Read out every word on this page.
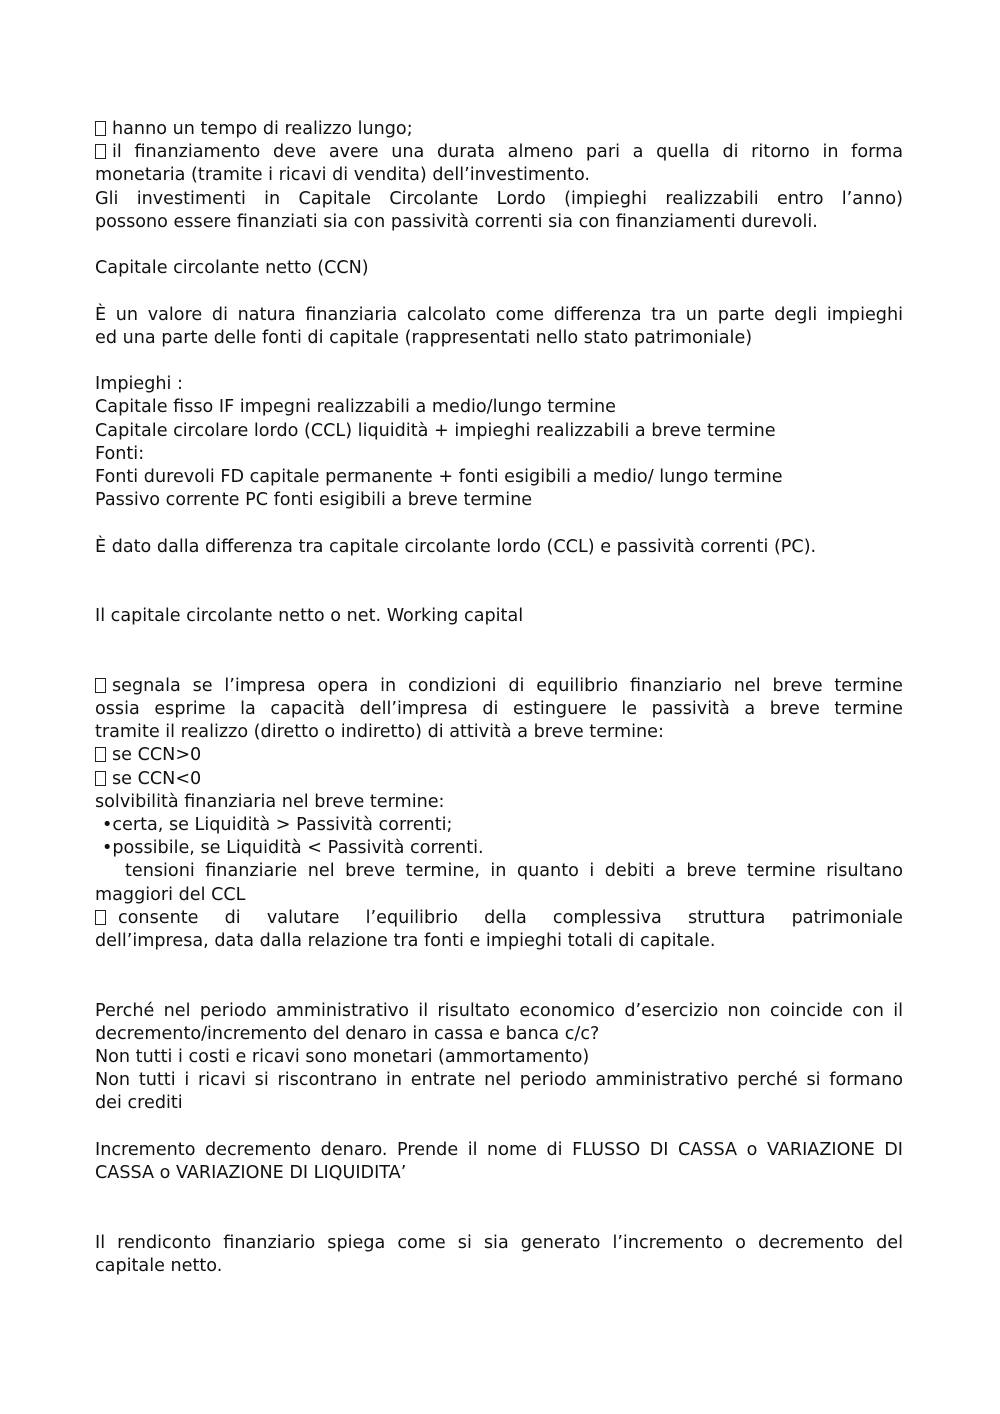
hanno un tempo di realizzo lungo;
il finanziamento deve avere una durata almeno pari a quella di ritorno in forma
monetaria (tramite i ricavi di vendita) dell’investimento.
Gli investimenti in Capitale Circolante Lordo (impieghi realizzabili entro l’anno)
possono essere finanziati sia con passività correnti sia con finanziamenti durevoli.
Capitale circolante netto (CCN)
È un valore di natura finanziaria calcolato come differenza tra un parte degli impieghi
ed una parte delle fonti di capitale (rappresentati nello stato patrimoniale)
Impieghi :
Capitale fisso IF impegni realizzabili a medio/lungo termine
Capitale circolare lordo (CCL) liquidità + impieghi realizzabili a breve termine
Fonti:
Fonti durevoli FD capitale permanente + fonti esigibili a medio/ lungo termine
Passivo corrente PC fonti esigibili a breve termine
È dato dalla differenza tra capitale circolante lordo (CCL) e passività correnti (PC).
Il capitale circolante netto o net. Working capital
segnala se l’impresa opera in condizioni di equilibrio finanziario nel breve termine
ossia esprime la capacità dell’impresa di estinguere le passività a breve termine
tramite il realizzo (diretto o indiretto) di attività a breve termine:
se CCN>0
se CCN<0
solvibilità finanziaria nel breve termine:
•certa, se Liquidità > Passività correnti;
•possibile, se Liquidità < Passività correnti.
tensioni finanziarie nel breve termine, in quanto i debiti a breve termine risultano
maggiori del CCL
consente di valutare l’equilibrio della complessiva struttura patrimoniale
dell’impresa, data dalla relazione tra fonti e impieghi totali di capitale.
Perché nel periodo amministrativo il risultato economico d’esercizio non coincide con il
decremento/incremento del denaro in cassa e banca c/c?
Non tutti i costi e ricavi sono monetari (ammortamento)
Non tutti i ricavi si riscontrano in entrate nel periodo amministrativo perché si formano
dei crediti
Incremento decremento denaro. Prende il nome di FLUSSO DI CASSA o VARIAZIONE DI
CASSA o VARIAZIONE DI LIQUIDITA’
Il rendiconto finanziario spiega come si sia generato l’incremento o decremento del
capitale netto.
